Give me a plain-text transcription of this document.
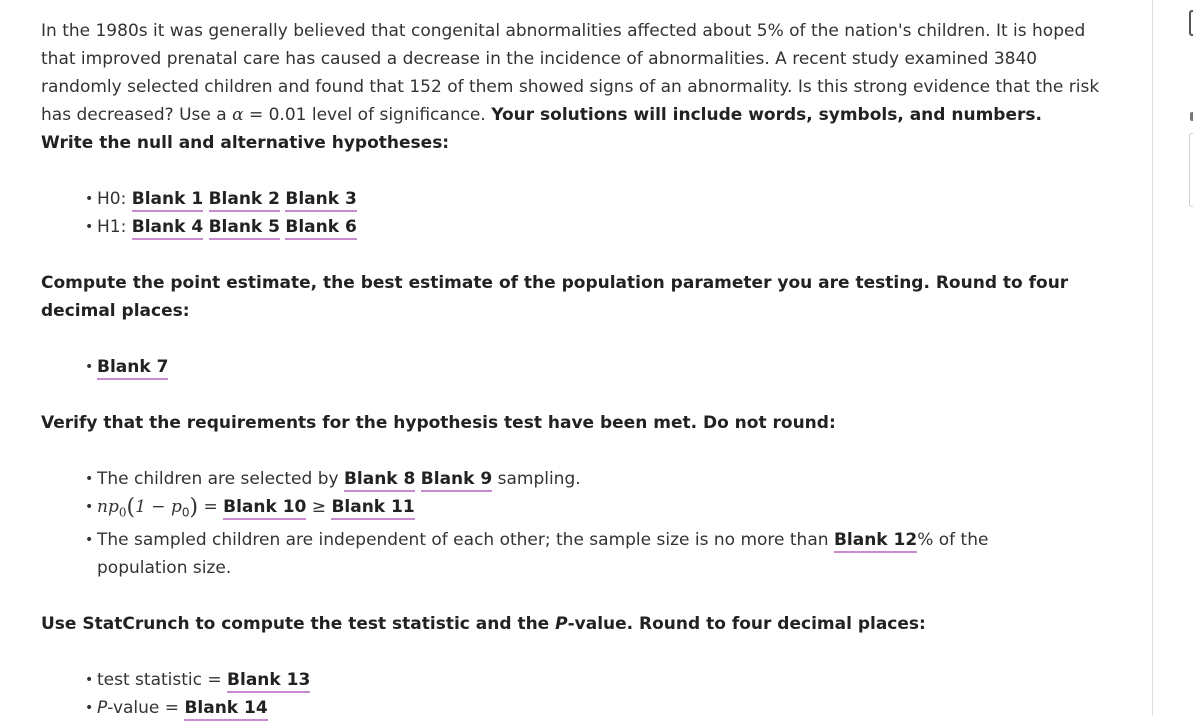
In the 1980s it was generally believed that congenital abnormalities affected about 5% of the nation's children. It is hoped that improved prenatal care has caused a decrease in the incidence of abnormalities. A recent study examined 3840 randomly selected children and found that 152 of them showed signs of an abnormality. Is this strong evidence that the risk has decreased? Use a α = 0.01 level of significance. Your solutions will include words, symbols, and numbers.

Write the null and alternative hypotheses:

• H0: Blank 1 Blank 2 Blank 3
• H1: Blank 4 Blank 5 Blank 6

Compute the point estimate, the best estimate of the population parameter you are testing. Round to four decimal places:

• Blank 7

Verify that the requirements for the hypothesis test have been met. Do not round:

• The children are selected by Blank 8 Blank 9 sampling.
• $np_0(1 - p_0)$ = Blank 10 ≥ Blank 11
• The sampled children are independent of each other; the sample size is no more than Blank 12% of the population size.

Use StatCrunch to compute the test statistic and the P-value. Round to four decimal places:

• test statistic = Blank 13
• P-value = Blank 14
